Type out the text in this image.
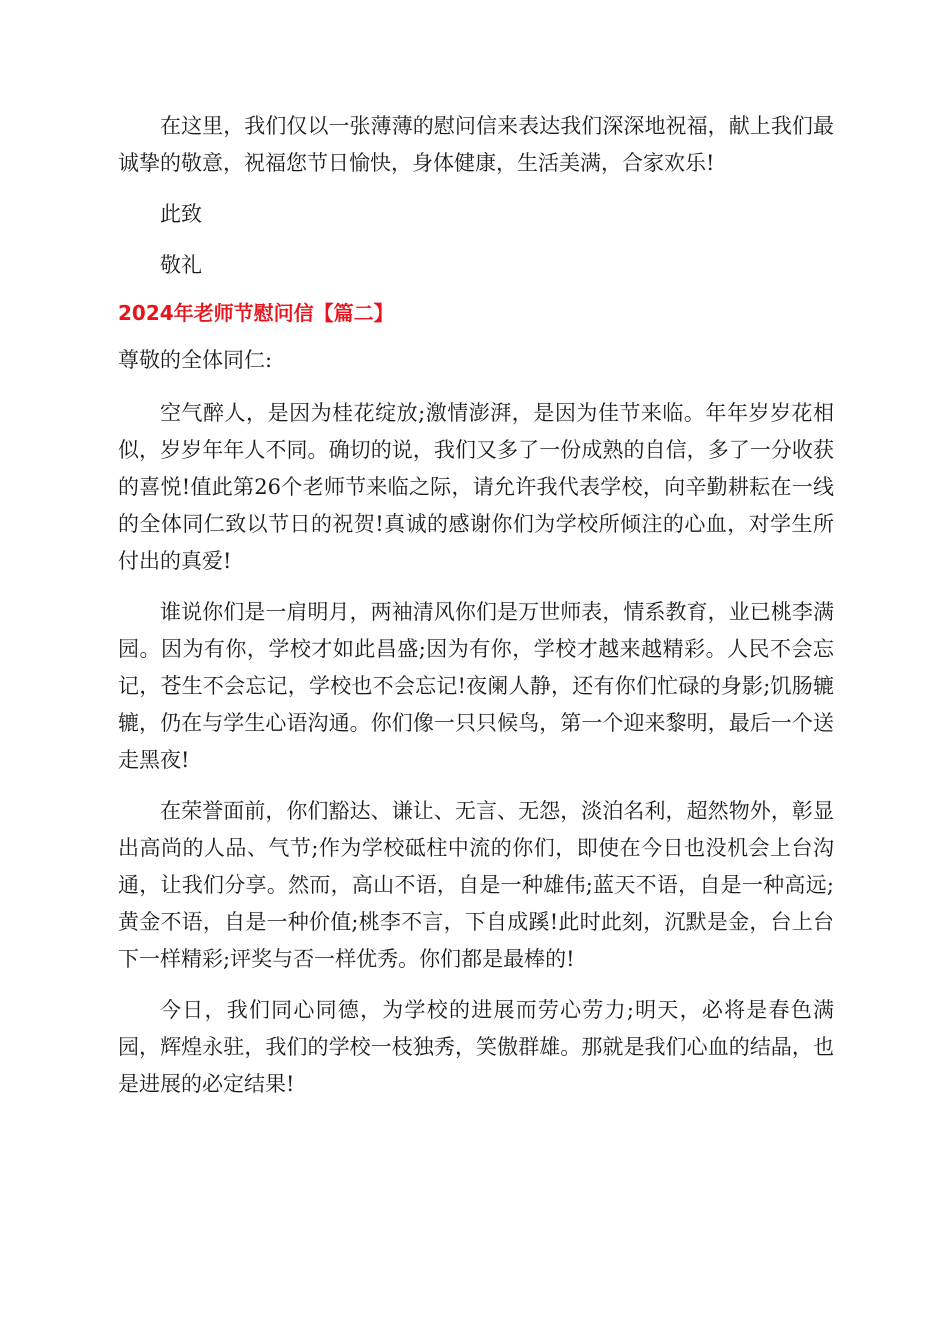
在这里，我们仅以一张薄薄的慰问信来表达我们深深地祝福，献上我们最诚挚的敬意，祝福您节日愉快，身体健康，生活美满，合家欢乐!

此致

敬礼

2024年老师节慰问信【篇二】

尊敬的全体同仁:

空气醉人，是因为桂花绽放;激情澎湃，是因为佳节来临。年年岁岁花相似，岁岁年年人不同。确切的说，我们又多了一份成熟的自信，多了一分收获的喜悦!值此第26个老师节来临之际，请允许我代表学校，向辛勤耕耘在一线的全体同仁致以节日的祝贺!真诚的感谢你们为学校所倾注的心血，对学生所付出的真爱!

谁说你们是一肩明月，两袖清风你们是万世师表，情系教育，业已桃李满园。因为有你，学校才如此昌盛;因为有你，学校才越来越精彩。人民不会忘记，苍生不会忘记，学校也不会忘记!夜阑人静，还有你们忙碌的身影;饥肠辘辘，仍在与学生心语沟通。你们像一只只候鸟，第一个迎来黎明，最后一个送走黑夜!

在荣誉面前，你们豁达、谦让、无言、无怨，淡泊名利，超然物外，彰显出高尚的人品、气节;作为学校砥柱中流的你们，即使在今日也没机会上台沟通，让我们分享。然而，高山不语，自是一种雄伟;蓝天不语，自是一种高远;黄金不语，自是一种价值;桃李不言，下自成蹊!此时此刻，沉默是金，台上台下一样精彩;评奖与否一样优秀。你们都是最棒的!

今日，我们同心同德，为学校的进展而劳心劳力;明天，必将是春色满园，辉煌永驻，我们的学校一枝独秀，笑傲群雄。那就是我们心血的结晶，也是进展的必定结果!
